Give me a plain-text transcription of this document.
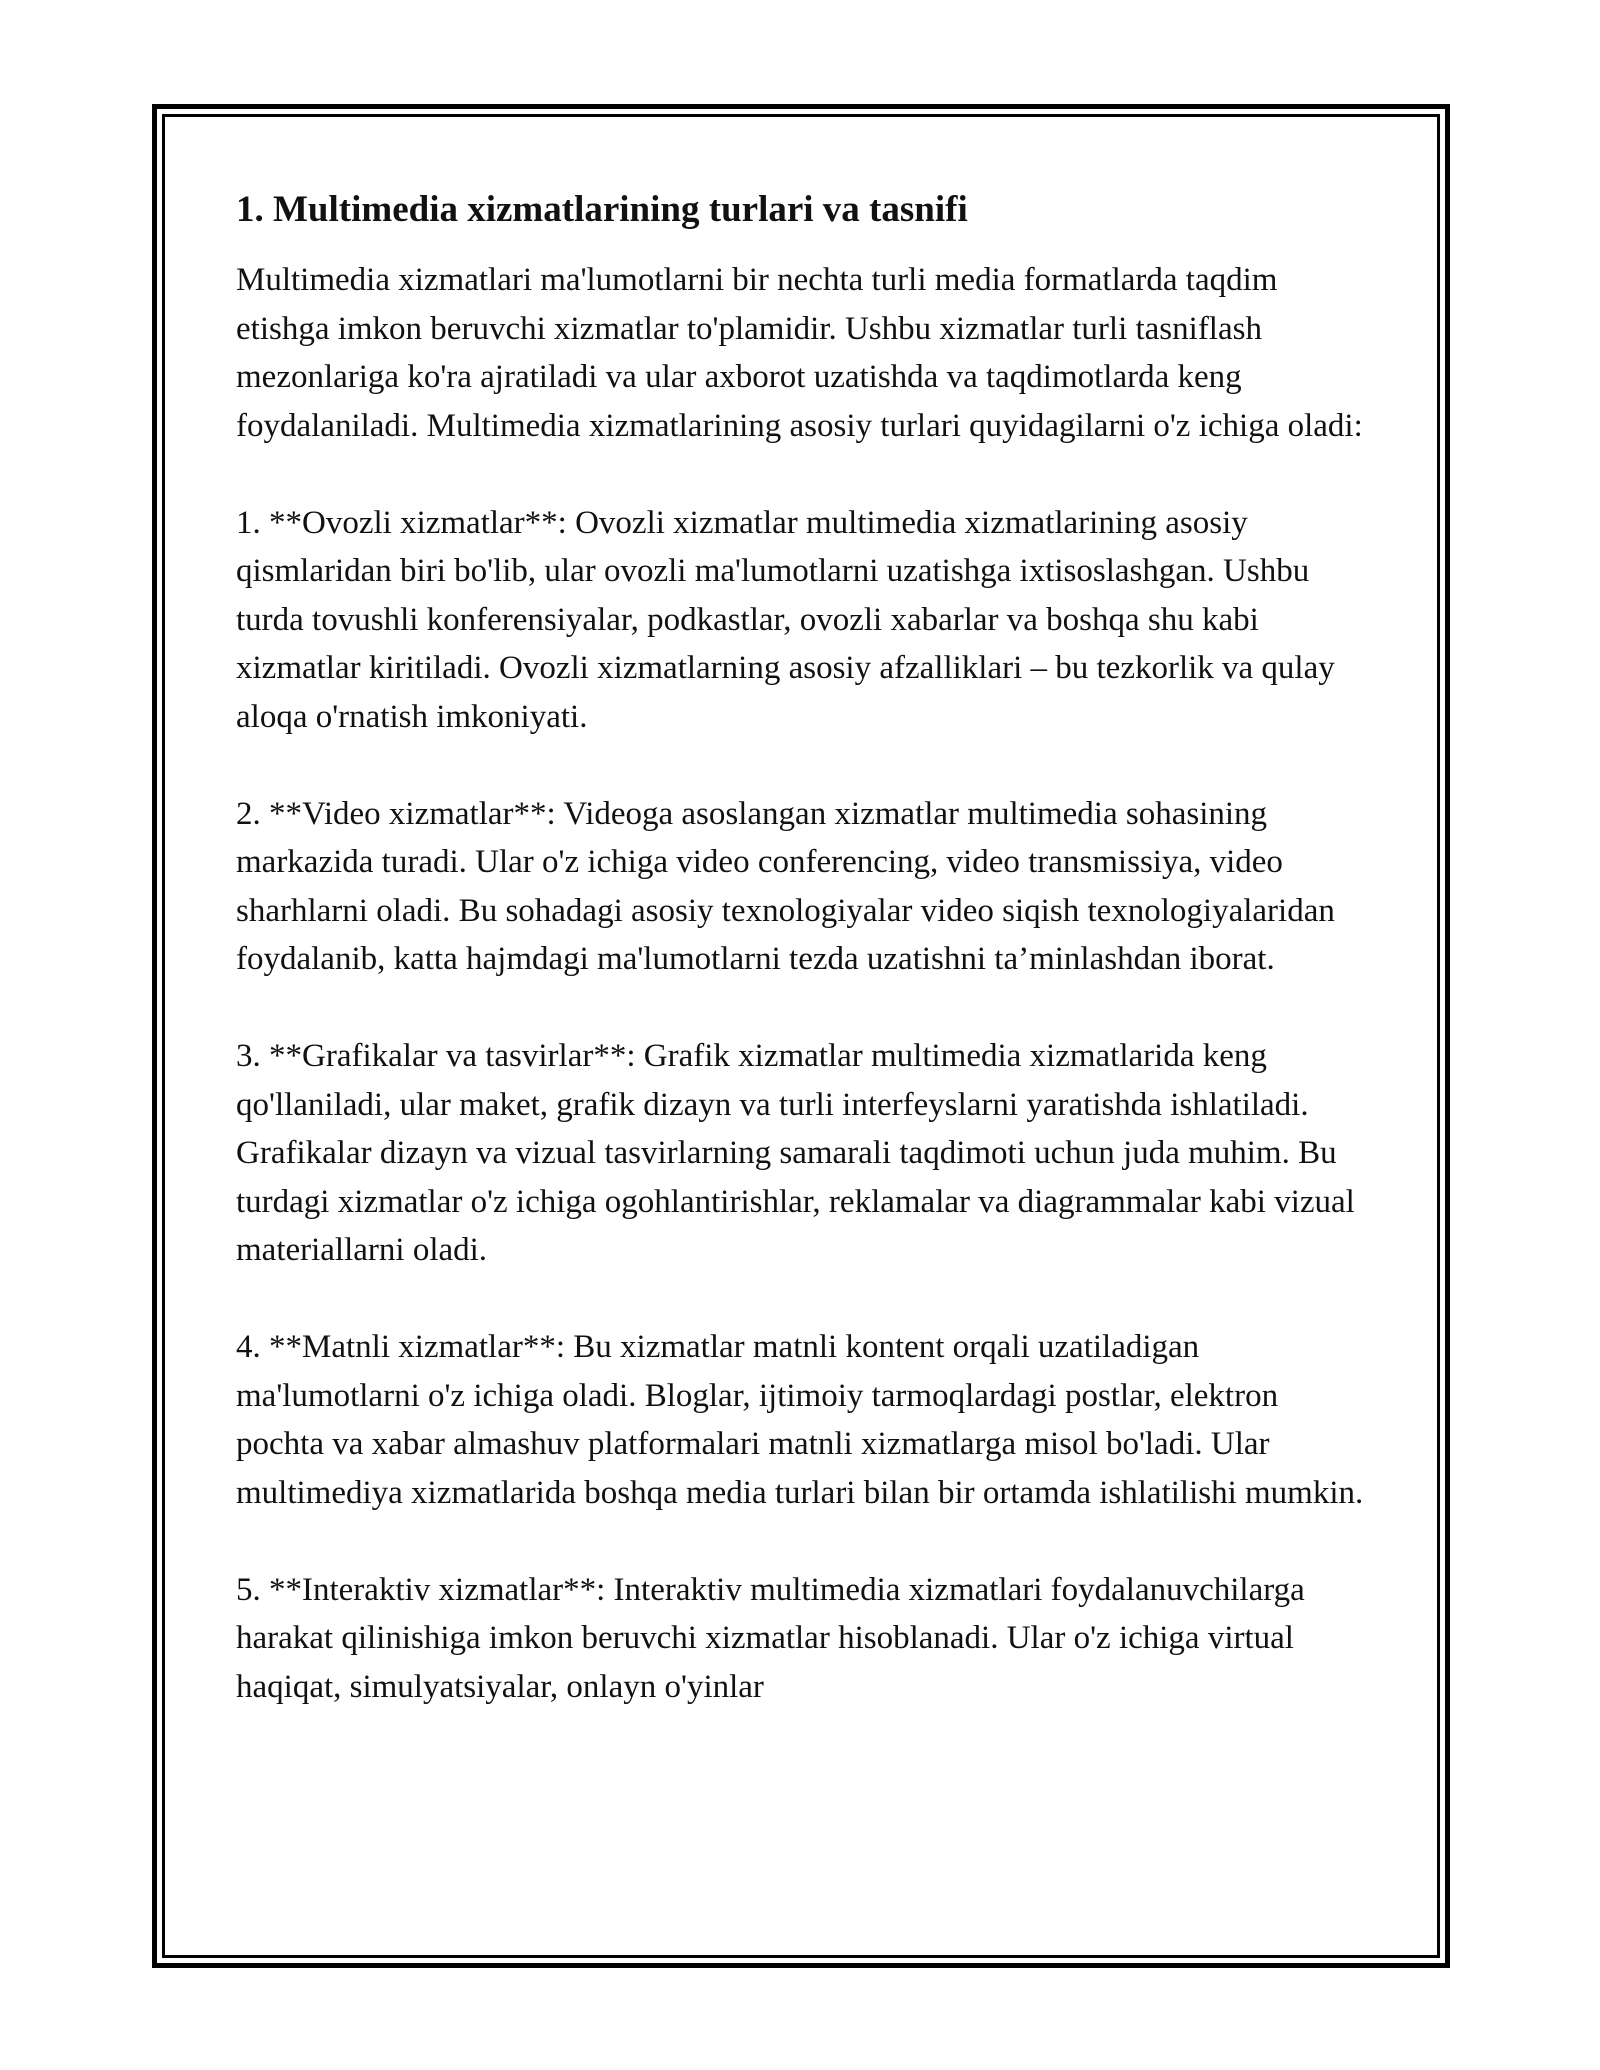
1. Multimedia xizmatlarining turlari va tasnifi

Multimedia xizmatlari ma'lumotlarni bir nechta turli media formatlarda taqdim etishga imkon beruvchi xizmatlar to'plamidir. Ushbu xizmatlar turli tasniflash mezonlariga ko'ra ajratiladi va ular axborot uzatishda va taqdimotlarda keng foydalaniladi. Multimedia xizmatlarining asosiy turlari quyidagilarni o'z ichiga oladi:

1. **Ovozli xizmatlar**: Ovozli xizmatlar multimedia xizmatlarining asosiy qismlaridan biri bo'lib, ular ovozli ma'lumotlarni uzatishga ixtisoslashgan. Ushbu turda tovushli konferensiyalar, podkastlar, ovozli xabarlar va boshqa shu kabi xizmatlar kiritiladi. Ovozli xizmatlarning asosiy afzalliklari – bu tezkorlik va qulay aloqa o'rnatish imkoniyati.

2. **Video xizmatlar**: Videoga asoslangan xizmatlar multimedia sohasining markazida turadi. Ular o'z ichiga video conferencing, video transmissiya, video sharhlarni oladi. Bu sohadagi asosiy texnologiyalar video siqish texnologiyalaridan foydalanib, katta hajmdagi ma'lumotlarni tezda uzatishni ta’minlashdan iborat.

3. **Grafikalar va tasvirlar**: Grafik xizmatlar multimedia xizmatlarida keng qo'llaniladi, ular maket, grafik dizayn va turli interfeyslarni yaratishda ishlatiladi. Grafikalar dizayn va vizual tasvirlarning samarali taqdimoti uchun juda muhim. Bu turdagi xizmatlar o'z ichiga ogohlantirishlar, reklamalar va diagrammalar kabi vizual materiallarni oladi.

4. **Matnli xizmatlar**: Bu xizmatlar matnli kontent orqali uzatiladigan ma'lumotlarni o'z ichiga oladi. Bloglar, ijtimoiy tarmoqlardagi postlar, elektron pochta va xabar almashuv platformalari matnli xizmatlarga misol bo'ladi. Ular multimediya xizmatlarida boshqa media turlari bilan bir ortamda ishlatilishi mumkin.

5. **Interaktiv xizmatlar**: Interaktiv multimedia xizmatlari foydalanuvchilarga harakat qilinishiga imkon beruvchi xizmatlar hisoblanadi. Ular o'z ichiga virtual haqiqat, simulyatsiyalar, onlayn o'yinlar
